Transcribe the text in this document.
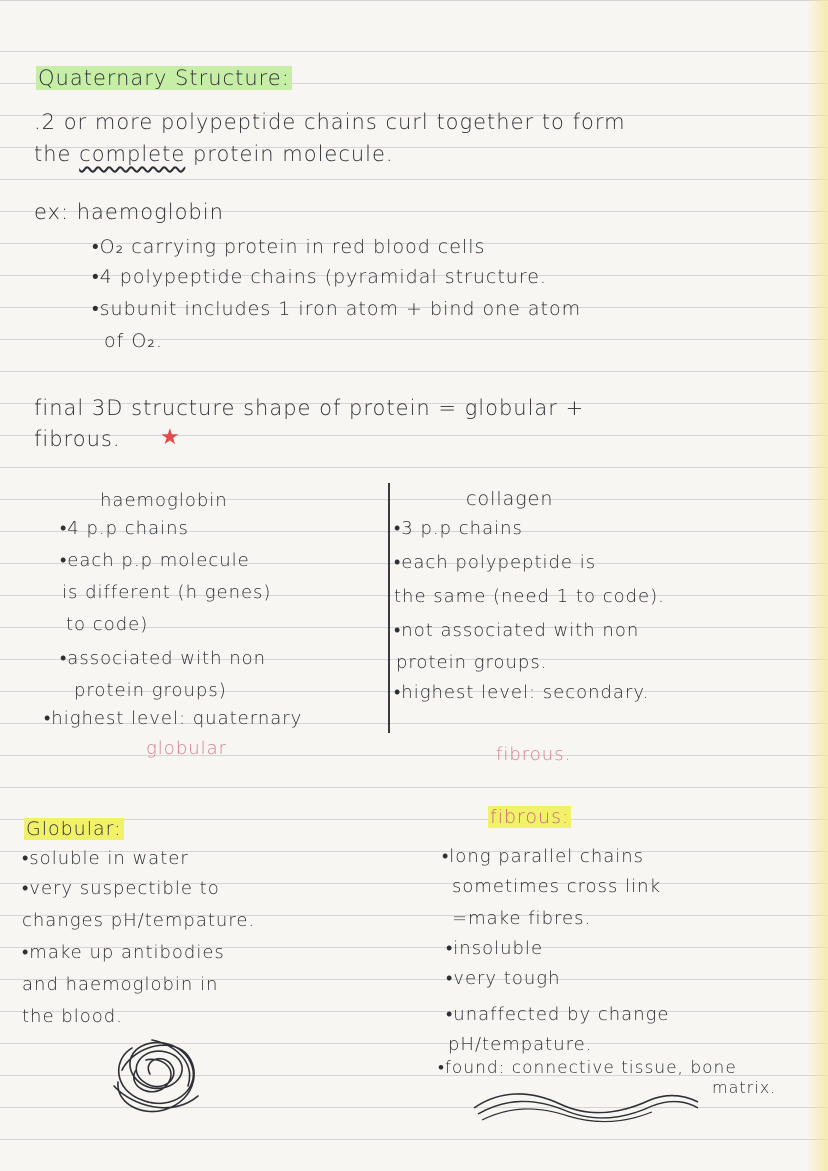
Quaternary Structure:
.2 or more polypeptide chains curl together to form
the complete protein molecule.
ex: haemoglobin
•O₂ carrying protein in red blood cells
•4 polypeptide chains (pyramidal structure.
•subunit includes 1 iron atom + bind one atom
of O₂.
final 3D structure shape of protein = globular +
fibrous. ★
haemoglobin
•4 p.p chains
•each p.p molecule
is different (h genes)
to code)
•associated with non
protein groups)
•highest level: quaternary
globular
collagen
•3 p.p chains
•each polypeptide is
the same (need 1 to code).
•not associated with non
protein groups.
•highest level: secondary.
fibrous.
Globular:
•soluble in water
•very suspectible to
changes pH/tempature.
•make up antibodies
and haemoglobin in
the blood.
fibrous:
•long parallel chains
sometimes cross link
=make fibres.
•insoluble
•very tough
•unaffected by change
pH/tempature.
•found: connective tissue, bone
matrix.
